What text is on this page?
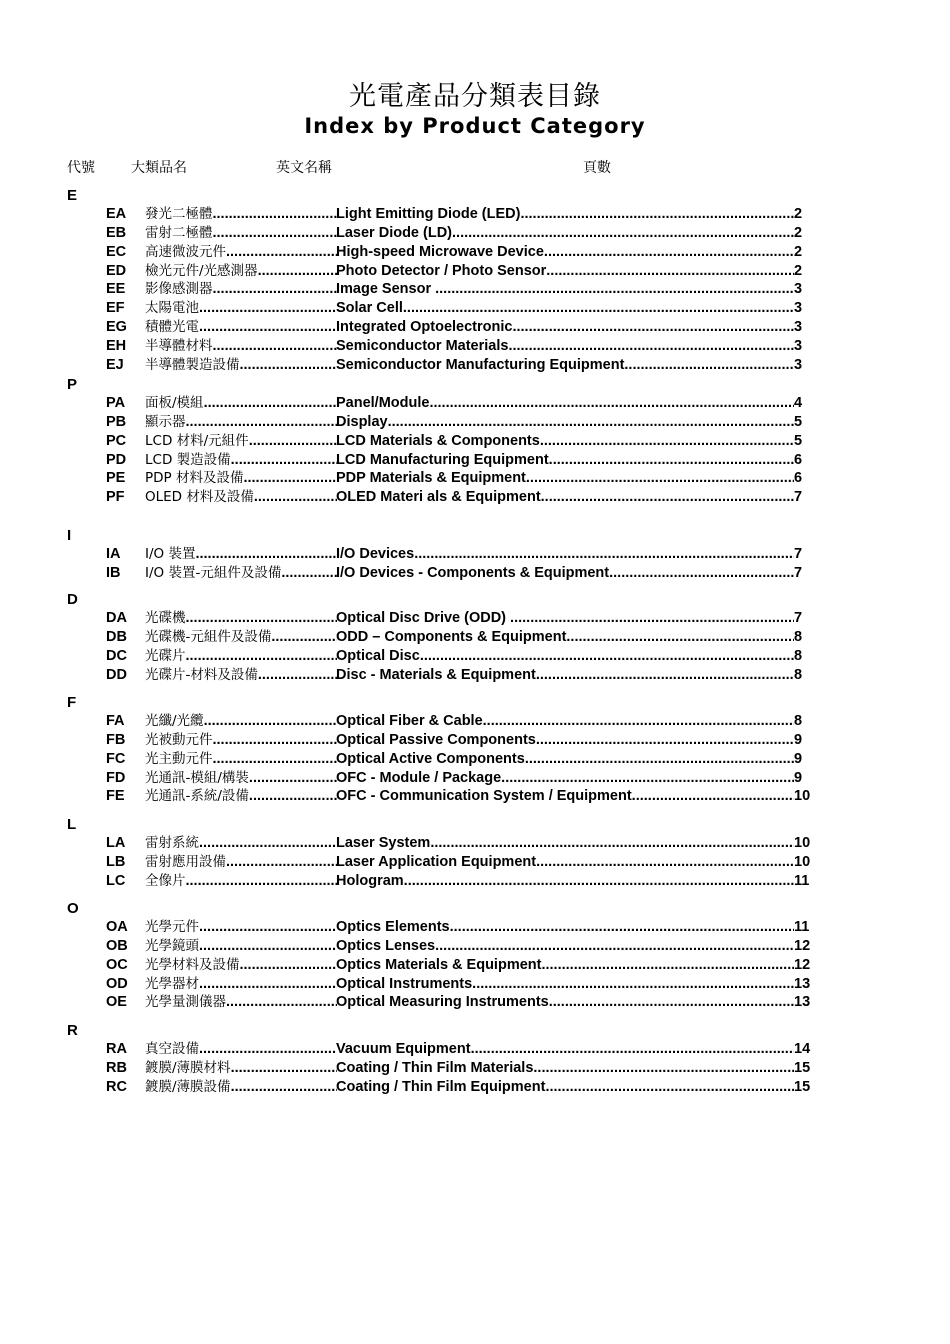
光電產品分類表目錄
Index by Product Category
代號	大類品名	英文名稱	頁數
E
EA 發光二極體 .....	Light Emitting Diode (LED) .....	2
EB 雷射二極體 .....	Laser Diode (LD) .....	2
EC 高速微波元件 .....	High-speed Microwave Device .....	2
ED 檢光元件/光感測器 .....	Photo Detector / Photo Sensor .....	2
EE 影像感測器 .....	Image Sensor .....	3
EF 太陽電池 .....	Solar Cell .....	3
EG 積體光電 .....	Integrated Optoelectronic .....	3
EH 半導體材料 .....	Semiconductor Materials .....	3
EJ 半導體製造設備 .....	Semiconductor Manufacturing Equipment .....	3
P
PA 面板/模組 .....	Panel/Module .....	4
PB 顯示器 .....	Display .....	5
PC LCD 材料/元組件 .....	LCD Materials & Components .....	5
PD LCD 製造設備 .....	LCD Manufacturing Equipment .....	6
PE PDP 材料及設備 .....	PDP Materials & Equipment .....	6
PF OLED 材料及設備 .....	OLED Materi als & Equipment .....	7
I
IA I/O 裝置 .....	I/O Devices .....	7
IB I/O 裝置-元組件及設備 .....	I/O Devices - Components & Equipment .....	7
D
DA 光碟機 .....	Optical Disc Drive (ODD) .....	7
DB 光碟機-元組件及設備 .....	ODD – Components & Equipment .....	8
DC 光碟片 .....	Optical Disc .....	8
DD 光碟片-材料及設備 .....	Disc - Materials & Equipment .....	8
F
FA 光纖/光纜 .....	Optical Fiber & Cable .....	8
FB 光被動元件 .....	Optical Passive Components .....	9
FC 光主動元件 .....	Optical Active Components .....	9
FD 光通訊-模組/構裝 .....	OFC - Module / Package .....	9
FE 光通訊-系統/設備 .....	OFC - Communication System / Equipment .....	10
L
LA 雷射系統 .....	Laser System .....	10
LB 雷射應用設備 .....	Laser Application Equipment .....	10
LC 全像片 .....	Hologram .....	11
O
OA 光學元件 .....	Optics Elements .....	11
OB 光學鏡頭 .....	Optics Lenses .....	12
OC 光學材料及設備 .....	Optics Materials & Equipment .....	12
OD 光學器材 .....	Optical Instruments .....	13
OE 光學量測儀器 .....	Optical Measuring Instruments .....	13
R
RA 真空設備 .....	Vacuum Equipment .....	14
RB 鍍膜/薄膜材料 .....	Coating / Thin Film Materials .....	15
RC 鍍膜/薄膜設備 .....	Coating / Thin Film Equipment .....	15
